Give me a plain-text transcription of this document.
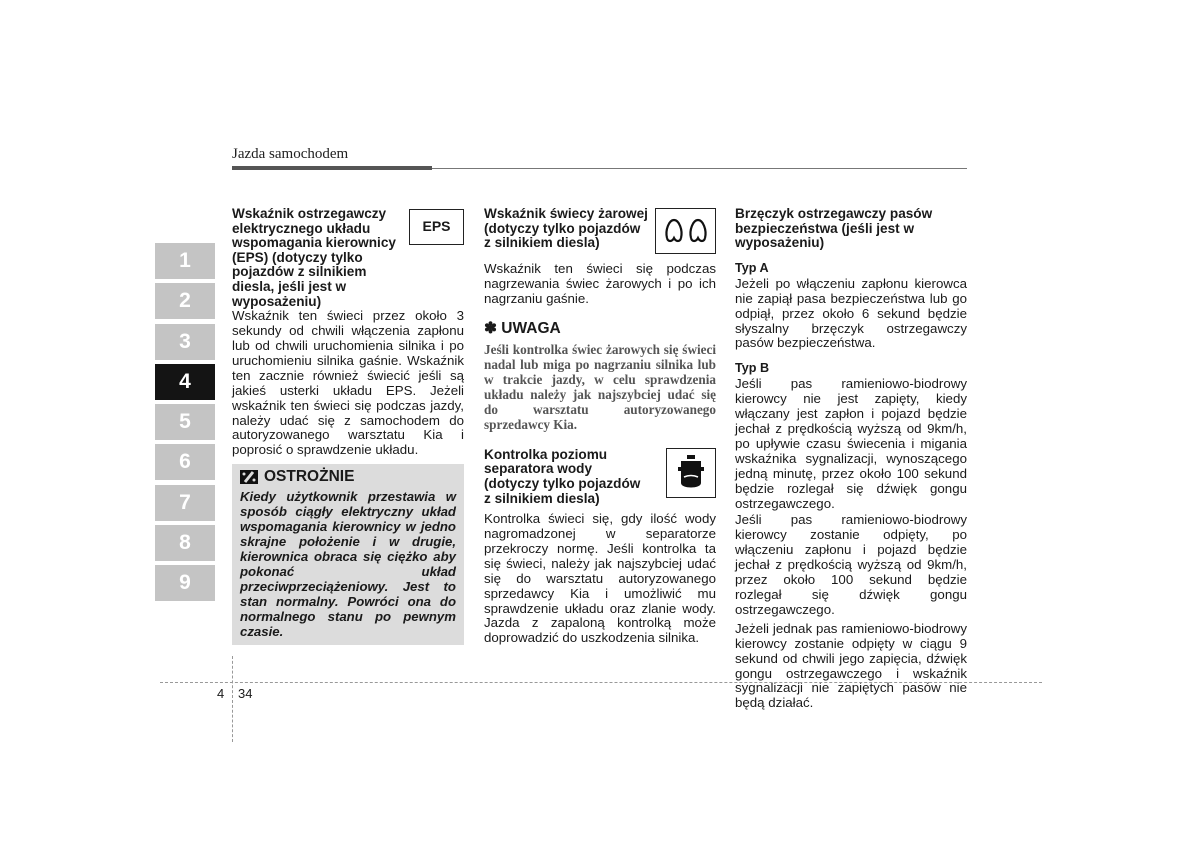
Jazda samochodem
1
2
3
4
5
6
7
8
9

Wskaźnik ostrzegawczy elektrycznego układu wspomagania kierownicy (EPS) (dotyczy tylko pojazdów z silnikiem diesla, jeśli jest w wyposażeniu)

EPS

Wskaźnik ten świeci przez około 3 sekundy od chwili włączenia zapłonu lub od chwili uruchomienia silnika i po uruchomieniu silnika gaśnie. Wskaźnik ten zacznie również świecić jeśli są jakieś usterki układu EPS. Jeżeli wskaźnik ten świeci się podczas jazdy, należy udać się z samochodem do autoryzowanego warsztatu Kia i poprosić o sprawdzenie układu.

OSTROŻNIE

Kiedy użytkownik przestawia w sposób ciągły elektryczny układ wspomagania kierownicy w jedno skrajne położenie i w drugie, kierownica obraca się ciężko aby pokonać układ przeciwprzeciążeniowy. Jest to stan normalny. Powróci ona do normalnego stanu po pewnym czasie.

Wskaźnik świecy żarowej (dotyczy tylko pojazdów z silnikiem diesla)

Wskaźnik ten świeci się podczas nagrzewania świec żarowych i po ich nagrzaniu gaśnie.

✽ UWAGA

Jeśli kontrolka świec żarowych się świeci nadal lub miga po nagrzaniu silnika lub w trakcie jazdy, w celu sprawdzenia układu należy jak najszybciej udać się do warsztatu autoryzowanego sprzedawcy Kia.

Kontrolka poziomu separatora wody (dotyczy tylko pojazdów z silnikiem diesla)

Kontrolka świeci się, gdy ilość wody nagromadzonej w separatorze przekroczy normę. Jeśli kontrolka ta się świeci, należy jak najszybciej udać się do warsztatu autoryzowanego sprzedawcy Kia i umożliwić mu sprawdzenie układu oraz zlanie wody. Jazda z zapaloną kontrolką może doprowadzić do uszkodzenia silnika.

Brzęczyk ostrzegawczy pasów bezpieczeństwa (jeśli jest w wyposażeniu)

Typ A

Jeżeli po włączeniu zapłonu kierowca nie zapiął pasa bezpieczeństwa lub go odpiął, przez około 6 sekund będzie słyszalny brzęczyk ostrzegawczy pasów bezpieczeństwa.

Typ B

Jeśli pas ramieniowo-biodrowy kierowcy nie jest zapięty, kiedy włączany jest zapłon i pojazd będzie jechał z prędkością wyższą od 9km/h, po upływie czasu świecenia i migania wskaźnika sygnalizacji, wynoszącego jedną minutę, przez około 100 sekund będzie rozlegał się dźwięk gongu ostrzegawczego.

Jeśli pas ramieniowo-biodrowy kierowcy zostanie odpięty, po włączeniu zapłonu i pojazd będzie jechał z prędkością wyższą od 9km/h, przez około 100 sekund będzie rozlegał się dźwięk gongu ostrzegawczego.

Jeżeli jednak pas ramieniowo-biodrowy kierowcy zostanie odpięty w ciągu 9 sekund od chwili jego zapięcia, dźwięk gongu ostrzegawczego i wskaźnik sygnalizacji nie zapiętych pasów nie będą działać.

4 34
